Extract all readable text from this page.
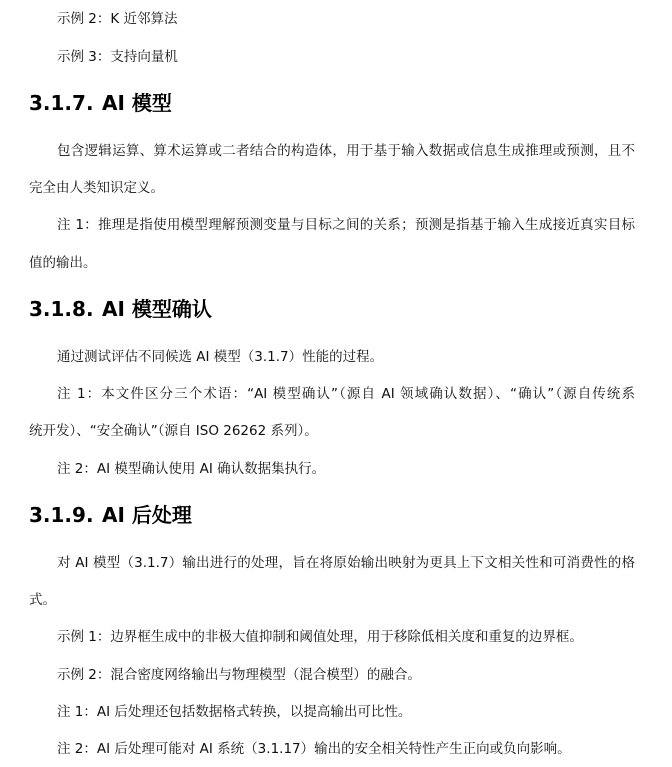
示例 2：K 近邻算法
示例 3：支持向量机
3.1.7. AI 模型
包含逻辑运算、算术运算或二者结合的构造体，用于基于输入数据或信息生成推理或预测，且不
完全由人类知识定义。
注 1：推理是指使用模型理解预测变量与目标之间的关系；预测是指基于输入生成接近真实目标
值的输出。
3.1.8. AI 模型确认
通过测试评估不同候选 AI 模型（3.1.7）性能的过程。
注 1：本文件区分三个术语：“AI 模型确认”（源自 AI 领域确认数据）、“确认”（源自传统系
统开发）、“安全确认”（源自 ISO 26262 系列）。
注 2：AI 模型确认使用 AI 确认数据集执行。
3.1.9. AI 后处理
对 AI 模型（3.1.7）输出进行的处理，旨在将原始输出映射为更具上下文相关性和可消费性的格
式。
示例 1：边界框生成中的非极大值抑制和阈值处理，用于移除低相关度和重复的边界框。
示例 2：混合密度网络输出与物理模型（混合模型）的融合。
注 1：AI 后处理还包括数据格式转换，以提高输出可比性。
注 2：AI 后处理可能对 AI 系统（3.1.17）输出的安全相关特性产生正向或负向影响。
